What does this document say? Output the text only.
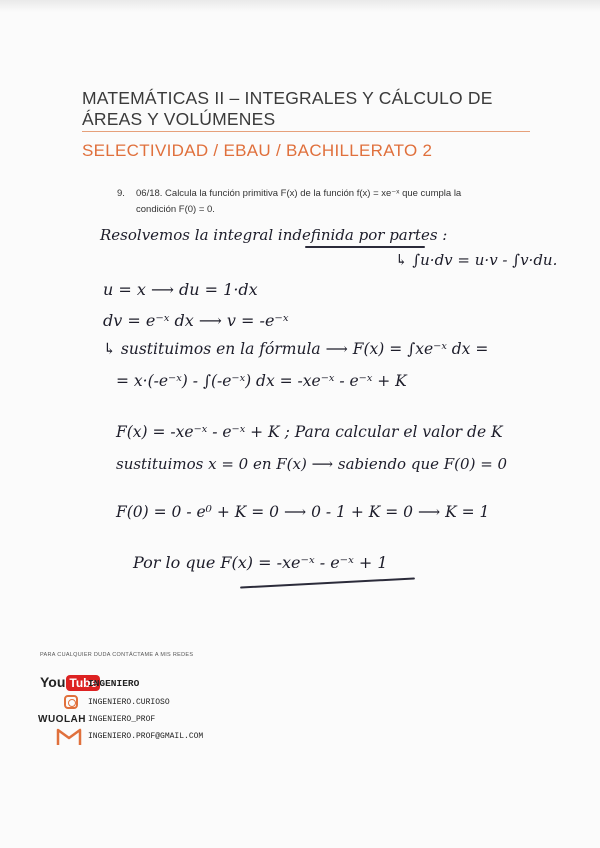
MATEMÁTICAS II – INTEGRALES Y CÁLCULO DE
ÁREAS Y VOLÚMENES
SELECTIVIDAD / EBAU / BACHILLERATO 2
9.	06/18. Calcula la función primitiva F(x) de la función f(x) = xe⁻ˣ que cumpla la condición F(0) = 0.
Resolvemos la integral indefinida por partes :
↳ ∫u·dv = u·v - ∫v·du.
u = x ⟶ du = 1·dx
dv = e⁻ˣ dx ⟶ v = -e⁻ˣ
↳ sustituimos en la fórmula ⟶ F(x) = ∫xe⁻ˣ dx =
= x·(-e⁻ˣ) - ∫(-e⁻ˣ) dx = -xe⁻ˣ - e⁻ˣ + K
F(x) = -xe⁻ˣ - e⁻ˣ + K ; Para calcular el valor de K
sustituimos x = 0 en F(x) ⟶ sabiendo que F(0) = 0
F(0) = 0 - e⁰ + K = 0 ⟶ 0 - 1 + K = 0 ⟶ K = 1
Por lo que F(x) = -xe⁻ˣ - e⁻ˣ + 1
PARA CUALQUIER DUDA CONTÁCTAME A MIS REDES
You Tube
INGENIERO
INGENIERO.CURIOSO
WUOLAH INGENIERO_PROF
INGENIERO.PROF@GMAIL.COM
